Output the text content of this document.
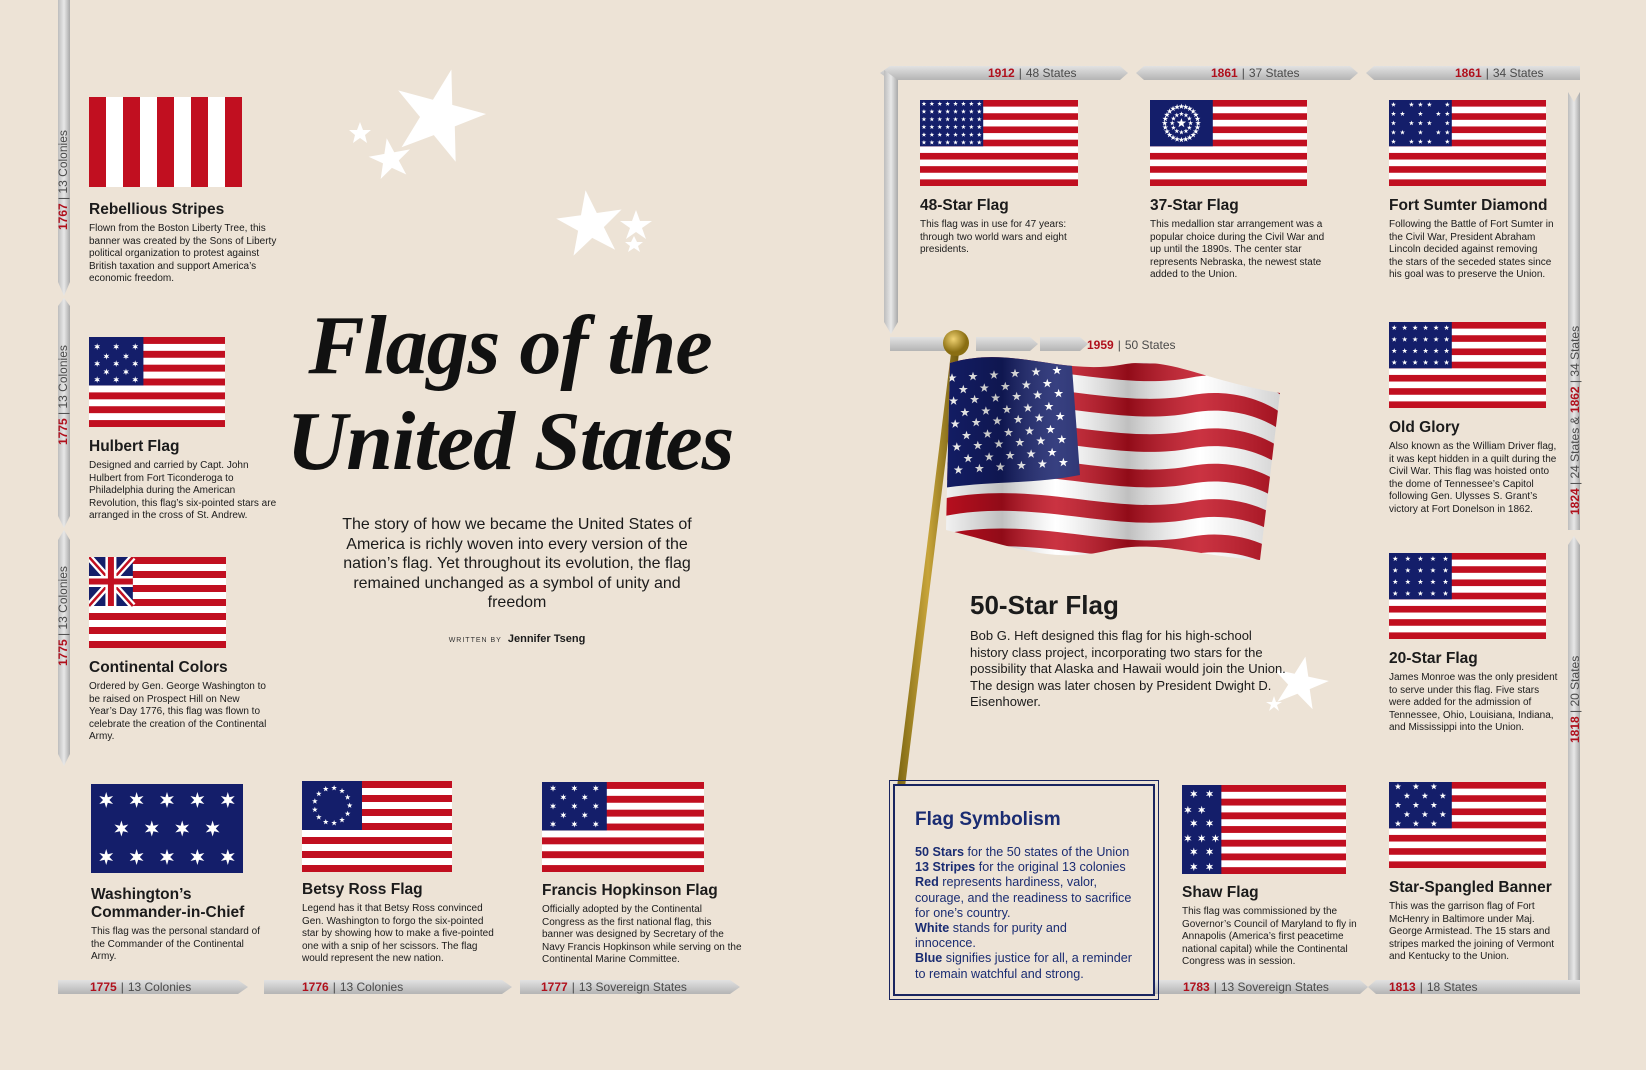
1767 | 13 Colonies
1775 | 13 Colonies
1775 | 13 Colonies
1824 | 24 States & 1862 | 34 States
1818 | 20 States
1775 | 13 Colonies	1776 | 13 Colonies	1777 | 13 Sovereign States
1912 | 48 States	1861 | 37 States	1861 | 34 States
1959 | 50 States
1783 | 13 Sovereign States	1813 | 18 States
Rebellious Stripes

Flown from the Boston Liberty Tree, this banner was created by the Sons of Liberty political organization to protest against British taxation and support America’s economic freedom.

Hulbert Flag

Designed and carried by Capt. John Hulbert from Fort Ticonderoga to Philadelphia during the American Revolution, this flag’s six-pointed stars are arranged in the cross of St. Andrew.

Continental Colors

Ordered by Gen. George Washington to be raised on Prospect Hill on New Year’s Day 1776, this flag was flown to celebrate the creation of the Continental Army.

Washington’s Commander-in-Chief

This flag was the personal standard of the Commander of the Continental Army.

Betsy Ross Flag

Legend has it that Betsy Ross convinced Gen. Washington to forgo the six-pointed star by showing how to make a five-pointed one with a snip of her scissors. The flag would represent the new nation.

Francis Hopkinson Flag

Officially adopted by the Continental Congress as the first national flag, this banner was designed by Secretary of the Navy Francis Hopkinson while serving on the Continental Marine Committee.

48-Star Flag

This flag was in use for 47 years: through two world wars and eight presidents.

37-Star Flag

This medallion star arrangement was a popular choice during the Civil War and up until the 1890s. The center star represents Nebraska, the newest state added to the Union.

Fort Sumter Diamond

Following the Battle of Fort Sumter in the Civil War, President Abraham Lincoln decided against removing the stars of the seceded states since his goal was to preserve the Union.

Old Glory

Also known as the William Driver flag, it was kept hidden in a quilt during the Civil War. This flag was hoisted onto the dome of Tennessee’s Capitol following Gen. Ulysses S. Grant’s victory at Fort Donelson in 1862.

20-Star Flag

James Monroe was the only president to serve under this flag. Five stars were added for the admission of Tennessee, Ohio, Louisiana, Indiana, and Mississippi into the Union.

Star-Spangled Banner

This was the garrison flag of Fort McHenry in Baltimore under Maj. George Armistead. The 15 stars and stripes marked the joining of Vermont and Kentucky to the Union.

Shaw Flag

This flag was commissioned by the Governor’s Council of Maryland to fly in Annapolis (America’s first peacetime national capital) while the Continental Congress was in session.

Flags of the
United States

The story of how we became the United States of America is richly woven into every version of the nation’s flag. Yet throughout its evolution, the flag remained unchanged as a symbol of unity and freedom

WRITTEN BY Jennifer Tseng
50-Star Flag

Bob G. Heft designed this flag for his high-school history class project, incorporating two stars for the possibility that Alaska and Hawaii would join the Union. The design was later chosen by President Dwight D. Eisenhower.

Flag Symbolism

50 Stars for the 50 states of the Union

13 Stripes for the original 13 colonies

Red represents hardiness, valor, courage, and the readiness to sacrifice for one’s country.

White stands for purity and innocence.

Blue signifies justice for all, a reminder to remain watchful and strong.
